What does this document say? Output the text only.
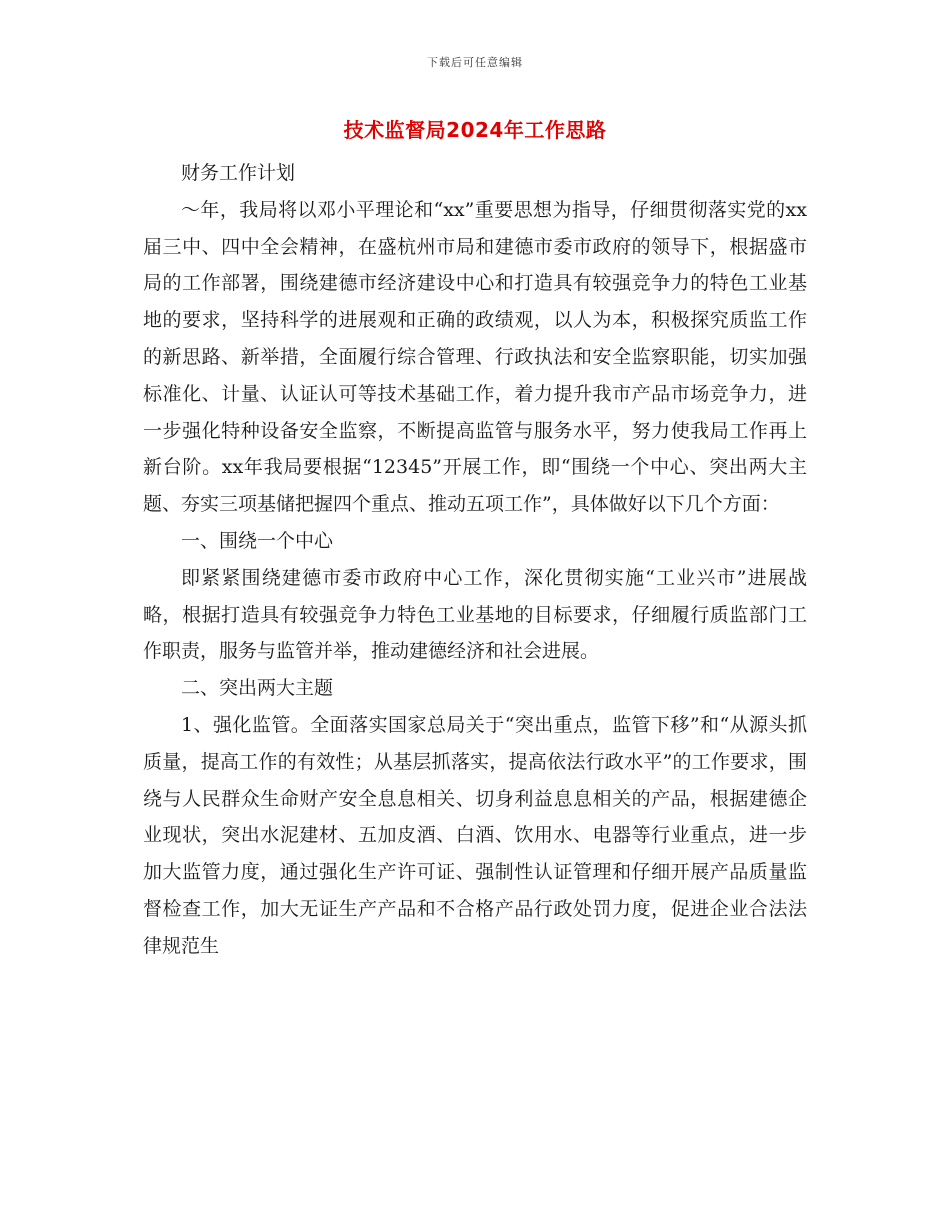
下载后可任意编辑
技术监督局2024年工作思路

财务工作计划

～年，我局将以邓小平理论和“xx”重要思想为指导，仔细贯彻落实党的xx届三中、四中全会精神，在盛杭州市局和建德市委市政府的领导下，根据盛市局的工作部署，围绕建德市经济建设中心和打造具有较强竞争力的特色工业基地的要求，坚持科学的进展观和正确的政绩观，以人为本，积极探究质监工作的新思路、新举措，全面履行综合管理、行政执法和安全监察职能，切实加强标准化、计量、认证认可等技术基础工作，着力提升我市产品市场竞争力，进一步强化特种设备安全监察，不断提高监管与服务水平，努力使我局工作再上新台阶。xx年我局要根据“12345”开展工作，即“围绕一个中心、突出两大主题、夯实三项基储把握四个重点、推动五项工作”，具体做好以下几个方面：

一、围绕一个中心

即紧紧围绕建德市委市政府中心工作，深化贯彻实施“工业兴市”进展战略，根据打造具有较强竞争力特色工业基地的目标要求，仔细履行质监部门工作职责，服务与监管并举，推动建德经济和社会进展。

二、突出两大主题

1、强化监管。全面落实国家总局关于“突出重点，监管下移”和“从源头抓质量，提高工作的有效性；从基层抓落实，提高依法行政水平”的工作要求，围绕与人民群众生命财产安全息息相关、切身利益息息相关的产品，根据建德企业现状，突出水泥建材、五加皮酒、白酒、饮用水、电器等行业重点，进一步加大监管力度，通过强化生产许可证、强制性认证管理和仔细开展产品质量监督检查工作，加大无证生产产品和不合格产品行政处罚力度，促进企业合法法律规范生
